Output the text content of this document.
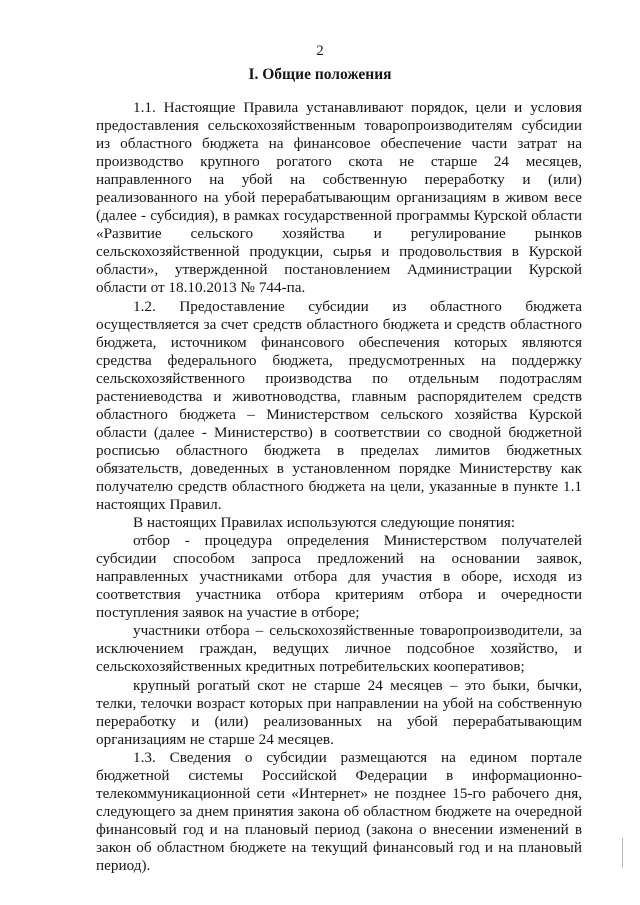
2
I. Общие положения

1.1. Настоящие Правила устанавливают порядок, цели и условия предоставления сельскохозяйственным товаропроизводителям субсидии из областного бюджета на финансовое обеспечение части затрат на производство крупного рогатого скота не старше 24 месяцев, направленного на убой на собственную переработку и (или) реализованного на убой перерабатывающим организациям в живом весе (далее - субсидия), в рамках государственной программы Курской области «Развитие сельского хозяйства и регулирование рынков сельскохозяйственной продукции, сырья и продовольствия в Курской области», утвержденной постановлением Администрации Курской области от 18.10.2013 № 744-па.

1.2. Предоставление субсидии из областного бюджета осуществляется за счет средств областного бюджета и средств областного бюджета, источником финансового обеспечения которых являются средства федерального бюджета, предусмотренных на поддержку сельскохозяйственного производства по отдельным подотраслям растениеводства и животноводства, главным распорядителем средств областного бюджета – Министерством сельского хозяйства Курской области (далее - Министерство) в соответствии со сводной бюджетной росписью областного бюджета в пределах лимитов бюджетных обязательств, доведенных в установленном порядке Министерству как получателю средств областного бюджета на цели, указанные в пункте 1.1 настоящих Правил.

В настоящих Правилах используются следующие понятия:

отбор - процедура определения Министерством получателей субсидии способом запроса предложений на основании заявок, направленных участниками отбора для участия в оборе, исходя из соответствия участника отбора критериям отбора и очередности поступления заявок на участие в отборе;

участники отбора – сельскохозяйственные товаропроизводители, за исключением граждан, ведущих личное подсобное хозяйство, и сельскохозяйственных кредитных потребительских кооперативов;

крупный рогатый скот не старше 24 месяцев – это быки, бычки, телки, телочки возраст которых при направлении на убой на собственную переработку и (или) реализованных на убой перерабатывающим организациям не старше 24 месяцев.

1.3. Сведения о субсидии размещаются на едином портале бюджетной системы Российской Федерации в информационно-телекоммуникационной сети «Интернет» не позднее 15-го рабочего дня, следующего за днем принятия закона об областном бюджете на очередной финансовый год и на плановый период (закона о внесении изменений в закон об областном бюджете на текущий финансовый год и на плановый период).
